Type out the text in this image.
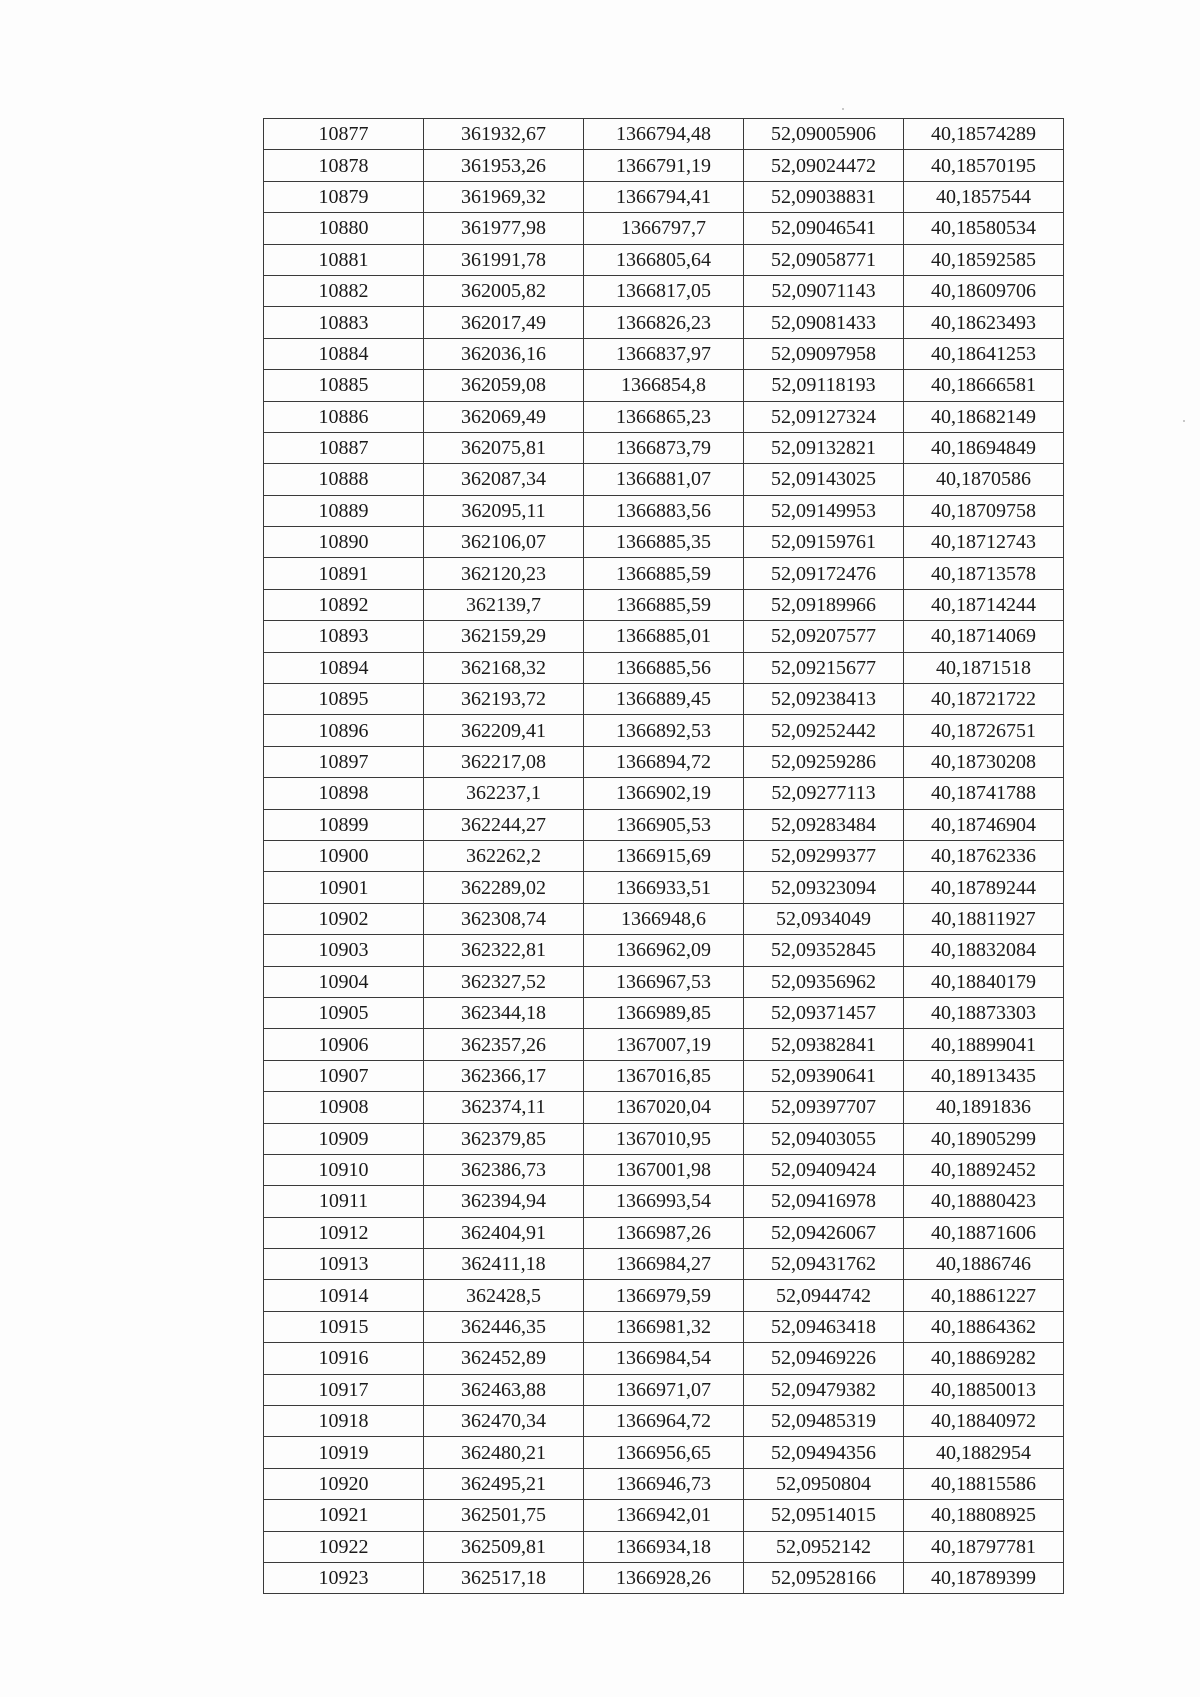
10877	361932,67	1366794,48	52,09005906	40,18574289
10878	361953,26	1366791,19	52,09024472	40,18570195
10879	361969,32	1366794,41	52,09038831	40,1857544
10880	361977,98	1366797,7	52,09046541	40,18580534
10881	361991,78	1366805,64	52,09058771	40,18592585
10882	362005,82	1366817,05	52,09071143	40,18609706
10883	362017,49	1366826,23	52,09081433	40,18623493
10884	362036,16	1366837,97	52,09097958	40,18641253
10885	362059,08	1366854,8	52,09118193	40,18666581
10886	362069,49	1366865,23	52,09127324	40,18682149
10887	362075,81	1366873,79	52,09132821	40,18694849
10888	362087,34	1366881,07	52,09143025	40,1870586
10889	362095,11	1366883,56	52,09149953	40,18709758
10890	362106,07	1366885,35	52,09159761	40,18712743
10891	362120,23	1366885,59	52,09172476	40,18713578
10892	362139,7	1366885,59	52,09189966	40,18714244
10893	362159,29	1366885,01	52,09207577	40,18714069
10894	362168,32	1366885,56	52,09215677	40,1871518
10895	362193,72	1366889,45	52,09238413	40,18721722
10896	362209,41	1366892,53	52,09252442	40,18726751
10897	362217,08	1366894,72	52,09259286	40,18730208
10898	362237,1	1366902,19	52,09277113	40,18741788
10899	362244,27	1366905,53	52,09283484	40,18746904
10900	362262,2	1366915,69	52,09299377	40,18762336
10901	362289,02	1366933,51	52,09323094	40,18789244
10902	362308,74	1366948,6	52,0934049	40,18811927
10903	362322,81	1366962,09	52,09352845	40,18832084
10904	362327,52	1366967,53	52,09356962	40,18840179
10905	362344,18	1366989,85	52,09371457	40,18873303
10906	362357,26	1367007,19	52,09382841	40,18899041
10907	362366,17	1367016,85	52,09390641	40,18913435
10908	362374,11	1367020,04	52,09397707	40,1891836
10909	362379,85	1367010,95	52,09403055	40,18905299
10910	362386,73	1367001,98	52,09409424	40,18892452
10911	362394,94	1366993,54	52,09416978	40,18880423
10912	362404,91	1366987,26	52,09426067	40,18871606
10913	362411,18	1366984,27	52,09431762	40,1886746
10914	362428,5	1366979,59	52,0944742	40,18861227
10915	362446,35	1366981,32	52,09463418	40,18864362
10916	362452,89	1366984,54	52,09469226	40,18869282
10917	362463,88	1366971,07	52,09479382	40,18850013
10918	362470,34	1366964,72	52,09485319	40,18840972
10919	362480,21	1366956,65	52,09494356	40,1882954
10920	362495,21	1366946,73	52,0950804	40,18815586
10921	362501,75	1366942,01	52,09514015	40,18808925
10922	362509,81	1366934,18	52,0952142	40,18797781
10923	362517,18	1366928,26	52,09528166	40,18789399
